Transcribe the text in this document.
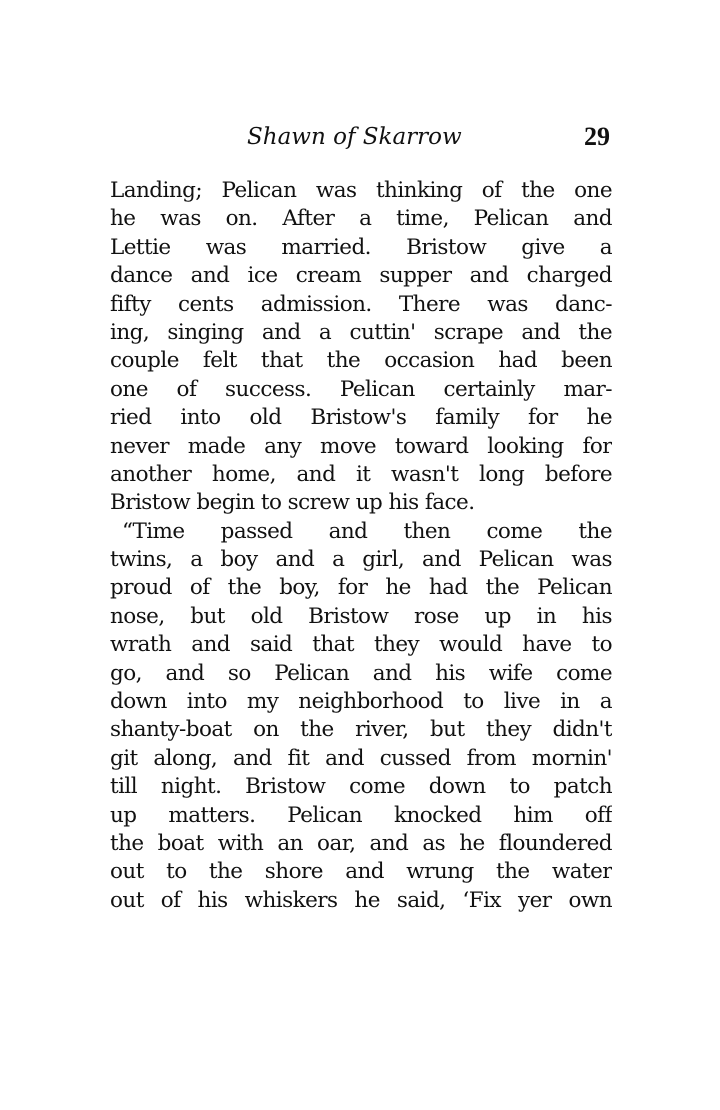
Shawn of Skarrow	29
Landing; Pelican was thinking of the one
he was on. After a time, Pelican and
Lettie was married. Bristow give a
dance and ice cream supper and charged
fifty cents admission. There was danc-
ing, singing and a cuttin' scrape and the
couple felt that the occasion had been
one of success. Pelican certainly mar-
ried into old Bristow's family for he
never made any move toward looking for
another home, and it wasn't long before
Bristow begin to screw up his face.
“Time passed and then come the
twins, a boy and a girl, and Pelican was
proud of the boy, for he had the Pelican
nose, but old Bristow rose up in his
wrath and said that they would have to
go, and so Pelican and his wife come
down into my neighborhood to live in a
shanty-boat on the river, but they didn't
git along, and fit and cussed from mornin'
till night. Bristow come down to patch
up matters. Pelican knocked him off
the boat with an oar, and as he floundered
out to the shore and wrung the water
out of his whiskers he said, ‘Fix yer own
